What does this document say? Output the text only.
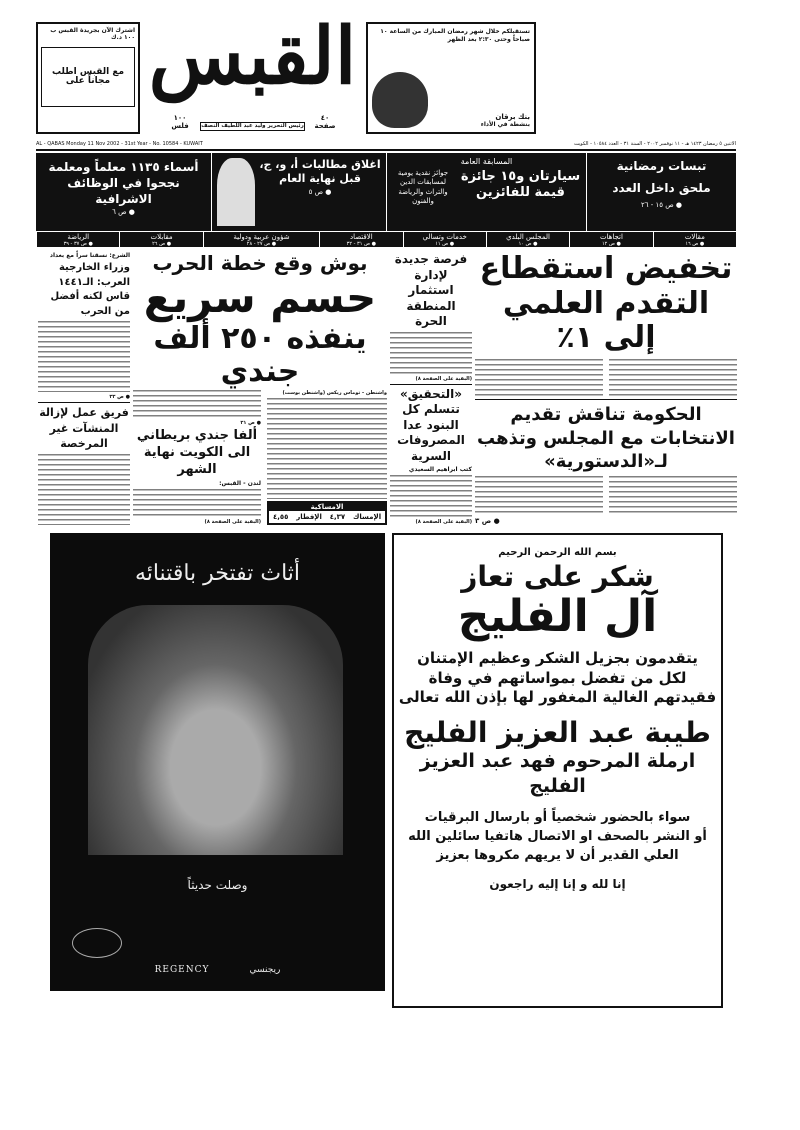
اشترك الآن بجريدة القبس ب ١٠٠ د.ك
مع القبس اطلب مجاناً على القبس	تستقبلكم خلال شهر رمضان المبارك من الساعة ١٠ صباحاً وحتى ٢:٣٠ بعد الظهر
بنك برقان
بنشطة في الأداء
٤٠
صفحة
١٠٠
فلس	رئيس التحرير وليد عبد اللطيف النصف
AL - QABAS Monday 11 Nov 2002 - 31st Year - No. 10584 - KUWAIT	الاثنين ٥ رمضان ١٤٢٣ هـ - ١١ نوفمبر ٢٠٠٢ - السنة ٣١ - العدد ١٠٥٨٤ - الكويت
تبسات رمضانية
ملحق داخل العدد
● ص ١٥ - ٢٦
المسابقة العامة
سيارتان و١٥ جائزة قيمة للفائزين
جوائز نقدية يومية لمسابقات الدين والتراث والرياضة والفنون
اغلاق مطالبات أ، و، ج، قبل نهاية العام
● ص ٥
أسماء ١١٣٥ معلماً ومعلمة نجحوا في الوظائف الاشرافية
● ص ٦
مقالات
● ص ١٦
اتجاهات
● ص ١٢
المجلس البلدي
● ص ١٠
خدمات وتسالي
● ص ١١
الاقتصاد
● ص ٣١ - ٣٢
شؤون عربية ودولية
● ص ٢٧ - ٢٨
مقابلات
● ص ٢٦
الرياضة
● ص ٣٧ - ٣٩
تخفيض استقطاع التقدم العلمي إلى ١٪
الحكومة تناقش تقديم الانتخابات مع المجلس وتذهب لـ«الدستورية»
● ص ٣
فرصة جديدة لإدارة استثمار المنطقة الحرة
(البقية على الصفحة ٨)
«التحقيق» تتسلم كل البنود عدا المصروفات السرية
كتب ابراهيم السعيدي
(البقية على الصفحة ٨)
بوش وقع خطة الحرب
حسم سريع
ينفذه ٢٥٠ ألف جندي
واشنطن - توماس ريكس (واشنطن بوست)
الامساكية
الإمساك
٤,٣٧
الإفطار
٤,٥٥
● ص ٣١
ألفا جندي بريطاني الى الكويت نهاية الشهر
لندن - القبس:
(البقية على الصفحة ٨)
الشرع: نسقنا سراً مع بغداد
وزراء الخارجية العرب: الـ١٤٤١ قاس لكنه أفضل من الحرب
● ص ٣٣
فريق عمل لإزالة المنشآت غير المرخصة
أثاث تفتخر باقتنائه
وصلت حديثاً
ريجنسي
REGENCY
بسم الله الرحمن الرحيم
شكر على تعاز
آل الفليج
يتقدمون بجزيل الشكر وعظيم الإمتنان
لكل من تفضل بمواساتهم في وفاة
فقيدتهم الغالية المغفور لها بإذن الله تعالى
طيبة عبد العزيز الفليج
ارملة المرحوم فهد عبد العزيز الفليج
سواء بالحضور شخصياً أو بارسال البرقيات
أو النشر بالصحف او الاتصال هاتفيا سائلين الله
العلي القدير أن لا يريهم مكروها بعزيز
إنا لله و إنا إليه راجعون
